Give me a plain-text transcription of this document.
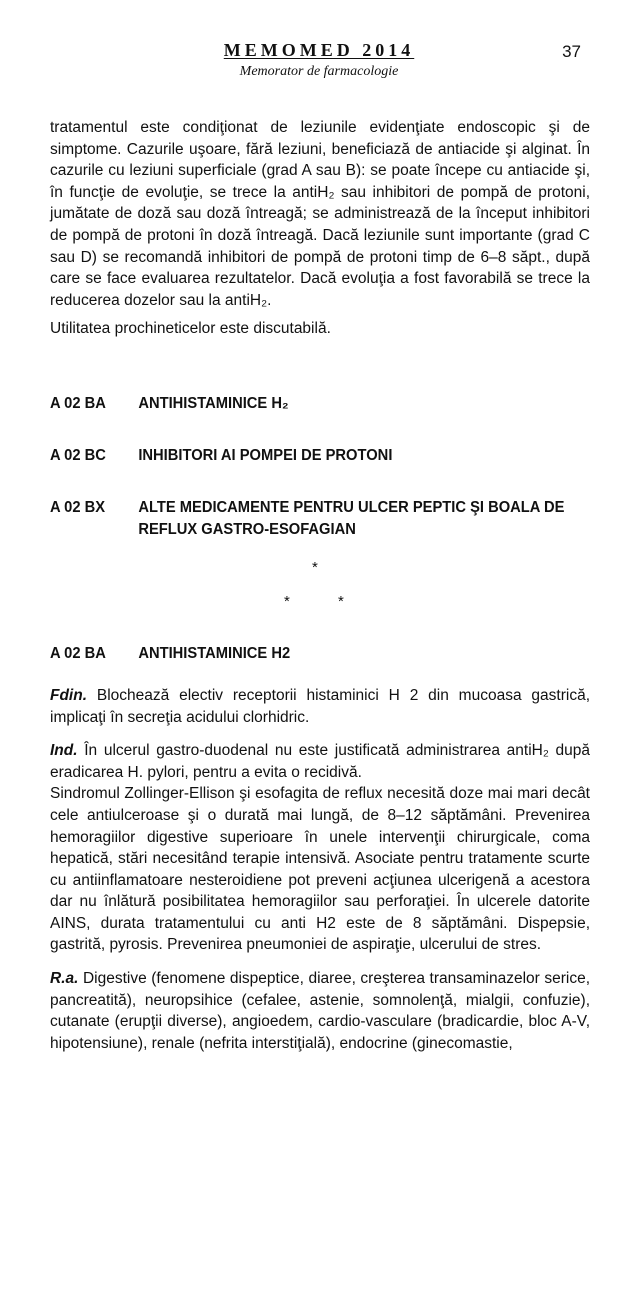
MEMOMED 2014
Memorator de farmacologie
37

tratamentul este condiţionat de leziunile evidenţiate endoscopic şi de simptome. Cazurile uşoare, fără leziuni, beneficiază de antiacide şi alginat. În cazurile cu leziuni superficiale (grad A sau B): se poate începe cu antiacide şi, în funcţie de evoluţie, se trece la antiH₂ sau inhibitori de pompă de protoni, jumătate de doză sau doză întreagă; se administrează de la început inhibitori de pompă de protoni în doză întreagă. Dacă leziunile sunt importante (grad C sau D) se recomandă inhibitori de pompă de protoni timp de 6–8 săpt., după care se face evaluarea rezultatelor. Dacă evoluţia a fost favorabilă se trece la reducerea dozelor sau la antiH₂.

Utilitatea prochineticelor este discutabilă.

A 02 BA	ANTIHISTAMINICE H₂
A 02 BC	INHIBITORI AI POMPEI DE PROTONI
A 02 BX	ALTE MEDICAMENTE PENTRU ULCER PEPTIC ŞI BOALA DE REFLUX GASTRO-ESOFAGIAN
*
*	*
A 02 BA	ANTIHISTAMINICE H2

Fdin. Blochează electiv receptorii histaminici H 2 din mucoasa gastrică, implicaţi în secreţia acidului clorhidric.

Ind. În ulcerul gastro-duodenal nu este justificată administrarea antiH₂ după eradicarea H. pylori, pentru a evita o recidivă.

Sindromul Zollinger-Ellison şi esofagita de reflux necesită doze mai mari decât cele antiulceroase şi o durată mai lungă, de 8–12 săptămâni. Prevenirea hemoragiilor digestive superioare în unele intervenţii chirurgicale, coma hepatică, stări necesitând terapie intensivă. Asociate pentru tratamente scurte cu antiinflamatoare nesteroidiene pot preveni acţiunea ulcerigenă a acestora dar nu înlătură posibilitatea hemoragiilor sau perforaţiei. În ulcerele datorite AINS, durata tratamentului cu anti H2 este de 8 săptămâni. Dispepsie, gastrită, pyrosis. Prevenirea pneumoniei de aspiraţie, ulcerului de stres.

R.a. Digestive (fenomene dispeptice, diaree, creşterea transaminazelor serice, pancreatită), neuropsihice (cefalee, astenie, somnolenţă, mialgii, confuzie), cutanate (erupţii diverse), angioedem, cardio-vasculare (bradicardie, bloc A-V, hipotensiune), renale (nefrita interstiţială), endocrine (ginecomastie,
